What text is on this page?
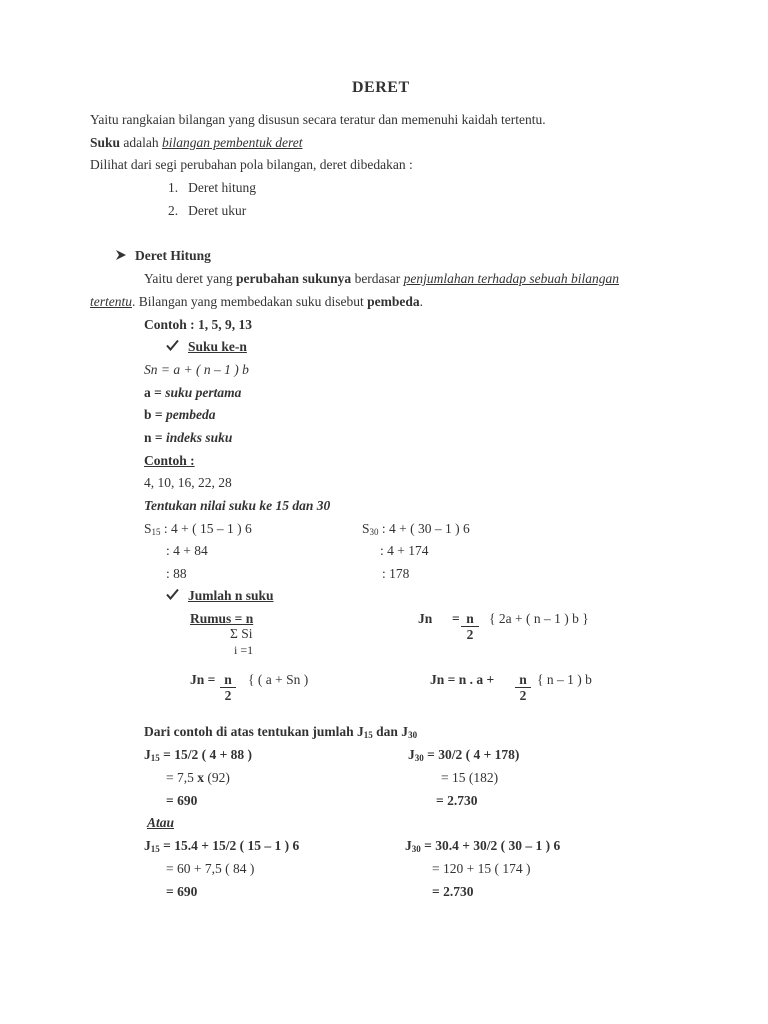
DERET
Yaitu rangkaian bilangan yang disusun secara teratur dan memenuhi kaidah tertentu.
Suku adalah bilangan pembentuk deret
Dilihat dari segi perubahan pola bilangan, deret dibedakan :
1. Deret hitung
2. Deret ukur
Deret Hitung
Yaitu deret yang perubahan sukunya berdasar penjumlahan terhadap sebuah bilangan
tertentu. Bilangan yang membedakan suku disebut pembeda.
Contoh : 1, 5, 9, 13
Suku ke-n
Sn = a + ( n – 1 ) b
a = suku pertama
b = pembeda
n = indeks suku
Contoh :
4, 10, 16, 22, 28
Tentukan nilai suku ke 15 dan 30
$S_{15}$ : 4 + ( 15 – 1 ) 6
: 4 + 84
: 88
$S_{30}$ : 4 + ( 30 – 1 ) 6
: 4 + 174
: 178
Jumlah n suku
Rumus = n
Σ Si
i =1
$Jn = \frac{n}{2}$ { 2a + ( n – 1 ) b }
$Jn = \frac{n}{2}$ { ( a + Sn )	Jn = n . $a + \frac{n}{2}$ { n – 1 ) b
Dari contoh di atas tentukan jumlah $J_{15}$ dan $J_{30}$
$J_{15} = 15/2$ ( 4 + 88 )
= 7,5 x (92)
= 690
$J_{30} = 30/2$ ( 4 + 178)
= 15 (182)
= 2.730
Atau
$J_{15} = 15.4 + 15/2$ ( 15 – 1 ) 6
= 60 + 7,5 ( 84 )
= 690
$J_{30} = 30.4 + 30/2$ ( 30 – 1 ) 6
= 120 + 15 ( 174 )
= 2.730
